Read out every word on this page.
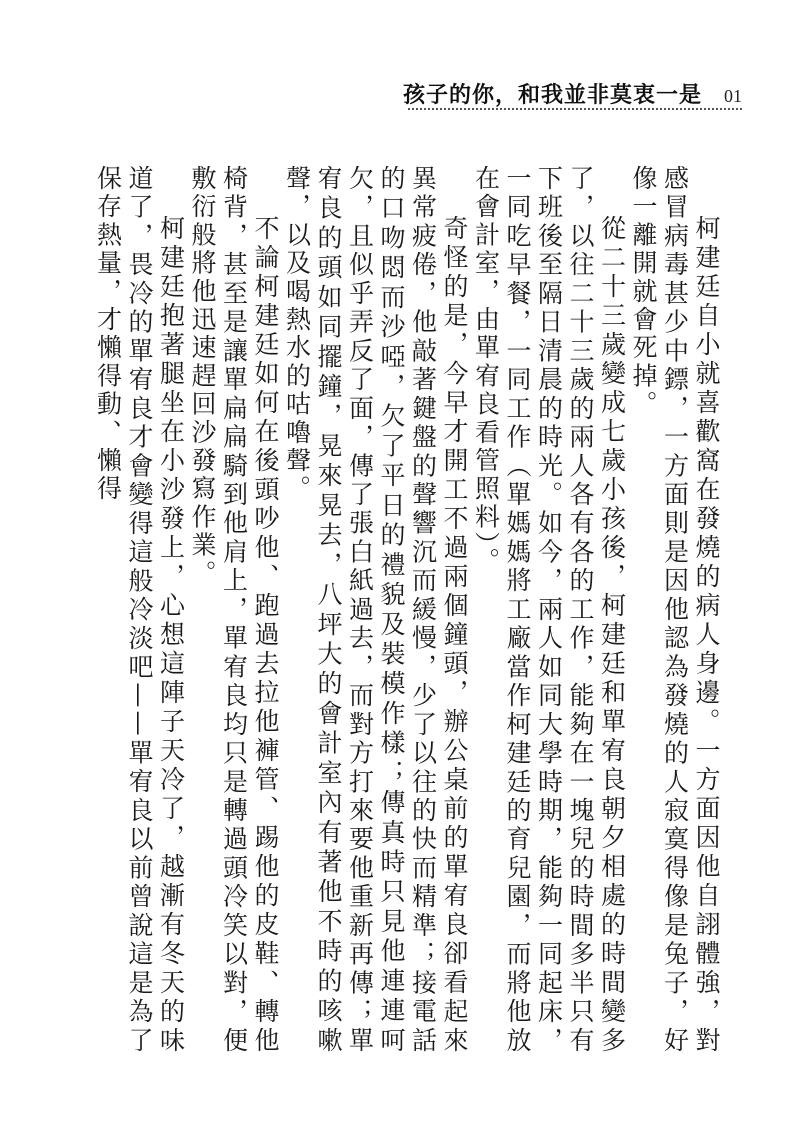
孩子的你，和我並非莫衷一是 01

柯建廷自小就喜歡窩在發燒的病人身邊。一方面因他自詡體強，對感冒病毒甚少中鏢，一方面則是因他認為發燒的人寂寞得像是兔子，好像一離開就會死掉。

從二十三歲變成七歲小孩後，柯建廷和單宥良朝夕相處的時間變多了，以往二十三歲的兩人各有各的工作，能夠在一塊兒的時間多半只有下班後至隔日清晨的時光。如今，兩人如同大學時期，能夠一同起床，一同吃早餐，一同工作（單媽媽將工廠當作柯建廷的育兒園，而將他放在會計室，由單宥良看管照料）。

奇怪的是，今早才開工不過兩個鐘頭，辦公桌前的單宥良卻看起來異常疲倦，他敲著鍵盤的聲響沉而緩慢，少了以往的快而精準；接電話的口吻悶而沙啞，欠了平日的禮貌及裝模作樣；傳真時只見他連連呵欠，且似乎弄反了面，傳了張白紙過去，而對方打來要他重新再傳；單宥良的頭如同擺鐘，晃來晃去，八坪大的會計室內有著他不時的咳嗽聲，以及喝熱水的咕嚕聲。

不論柯建廷如何在後頭吵他、跑過去拉他褲管、踢他的皮鞋、轉他椅背，甚至是讓單扁扁騎到他肩上，單宥良均只是轉過頭冷笑以對，便敷衍般將他迅速趕回沙發寫作業。

柯建廷抱著腿坐在小沙發上，心想這陣子天冷了，越漸有冬天的味道了，畏冷的單宥良才會變得這般冷淡吧——單宥良以前曾說這是為了保存熱量，才懶得動、懶得
